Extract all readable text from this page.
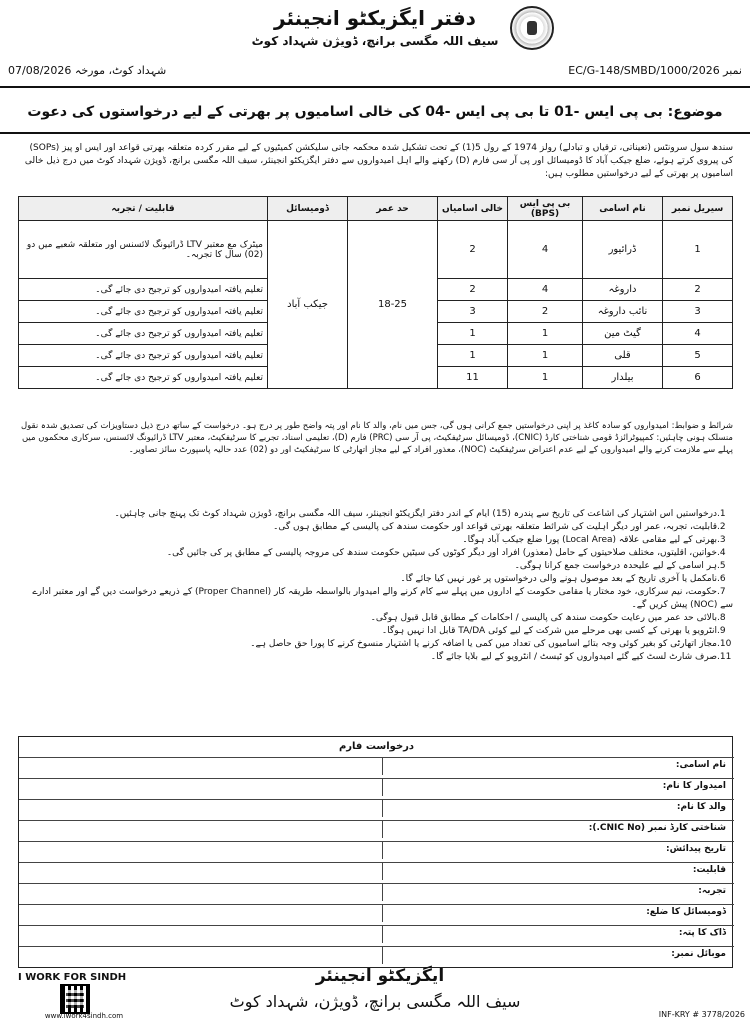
دفتر ایگزیکٹو انجینئر
سیف اللہ مگسی برانچ، ڈویژن شہداد کوٹ
نمبر EC/G-148/SMBD/1000/2026
شہداد کوٹ، مورخہ 07/08/2026
موضوع: بی پی ایس -01 تا بی پی ایس -04 کی خالی اسامیوں پر بھرتی کے لیے درخواستوں کی دعوت
سندھ سول سرونٹس (تعیناتی، ترقیاں و تبادلے) رولز 1974 کے رول 5(1) کے تحت تشکیل شدہ محکمہ جاتی سلیکشن کمیٹیوں کے لیے مقرر کردہ متعلقہ بھرتی قواعد اور ایس او پیز (SOPs) کی پیروی کرتے ہوئے، ضلع جیکب آباد کا ڈومیسائل اور پی آر سی فارم (D) رکھنے والے اہل امیدواروں سے دفتر ایگزیکٹو انجینئر، سیف اللہ مگسی برانچ، ڈویژن شہداد کوٹ میں درج ذیل خالی اسامیوں پر بھرتی کے لیے درخواستیں مطلوب ہیں:
سیریل نمبر	نام اسامی	بی پی ایس (BPS)	خالی اسامیاں	حد عمر	ڈومیسائل	قابلیت / تجربہ
1	ڈرائیور	4	2	18-25	جیکب آباد	میٹرک مع معتبر LTV ڈرائیونگ لائسنس اور متعلقہ شعبے میں دو (02) سال کا تجربہ۔
2	داروغہ	4	2			تعلیم یافتہ امیدواروں کو ترجیح دی جائے گی۔
3	نائب داروغہ	2	3			تعلیم یافتہ امیدواروں کو ترجیح دی جائے گی۔
4	گیٹ مین	1	1			تعلیم یافتہ امیدواروں کو ترجیح دی جائے گی۔
5	قلی	1	1			تعلیم یافتہ امیدواروں کو ترجیح دی جائے گی۔
6	بیلدار	1	11			تعلیم یافتہ امیدواروں کو ترجیح دی جائے گی۔
شرائط و ضوابط: امیدواروں کو سادہ کاغذ پر اپنی درخواستیں جمع کرانی ہوں گی، جس میں نام، والد کا نام اور پتہ واضح طور پر درج ہو۔ درخواست کے ساتھ درج ذیل دستاویزات کی تصدیق شدہ نقول منسلک ہونی چاہئیں: کمپیوٹرائزڈ قومی شناختی کارڈ (CNIC)، ڈومیسائل سرٹیفکیٹ، پی آر سی (PRC) فارم (D)، تعلیمی اسناد، تجربے کا سرٹیفکیٹ، معتبر LTV ڈرائیونگ لائسنس، سرکاری محکموں میں پہلے سے ملازمت کرنے والے امیدواروں کے لیے عدم اعتراض سرٹیفکیٹ (NOC)، معذور افراد کے لیے مجاز اتھارٹی کا سرٹیفکیٹ اور دو (02) عدد حالیہ پاسپورٹ سائز تصاویر۔
1.درخواستیں اس اشتہار کی اشاعت کی تاریخ سے پندرہ (15) ایام کے اندر دفتر ایگزیکٹو انجینئر، سیف اللہ مگسی برانچ، ڈویژن شہداد کوٹ تک پہنچ جانی چاہئیں۔
2.قابلیت، تجربہ، عمر اور دیگر اہلیت کی شرائط متعلقہ بھرتی قواعد اور حکومت سندھ کی پالیسی کے مطابق ہوں گی۔
3.بھرتی کے لیے مقامی علاقہ (Local Area) پورا ضلع جیکب آباد ہوگا۔
4.خواتین، اقلیتوں، مختلف صلاحیتوں کے حامل (معذور) افراد اور دیگر کوٹوں کی سیٹیں حکومت سندھ کی مروجہ پالیسی کے مطابق پر کی جائیں گی۔
5.ہر اسامی کے لیے علیحدہ درخواست جمع کرانا ہوگی۔
6.نامکمل یا آخری تاریخ کے بعد موصول ہونے والی درخواستوں پر غور نہیں کیا جائے گا۔
7.حکومت، نیم سرکاری، خود مختار یا مقامی حکومت کے اداروں میں پہلے سے کام کرنے والے امیدوار بالواسطہ طریقہ کار (Proper Channel) کے ذریعے درخواست دیں گے اور معتبر ادارے سے (NOC) پیش کریں گے۔
8.بالائی حد عمر میں رعایت حکومت سندھ کی پالیسی / احکامات کے مطابق قابل قبول ہوگی۔
9.انٹرویو یا بھرتی کے کسی بھی مرحلے میں شرکت کے لیے کوئی TA/DA قابل ادا نہیں ہوگا۔
10.مجاز اتھارٹی کو بغیر کوئی وجہ بتائے اسامیوں کی تعداد میں کمی یا اضافہ کرنے یا اشتہار منسوخ کرنے کا پورا حق حاصل ہے۔
11.صرف شارٹ لسٹ کیے گئے امیدواروں کو ٹیسٹ / انٹرویو کے لیے بلایا جائے گا۔
درخواست فارم
نام اسامی:
امیدوار کا نام:
والد کا نام:
شناختی کارڈ نمبر (CNIC No.):
تاریخ پیدائش:
قابلیت:
تجربہ:
ڈومیسائل کا ضلع:
ڈاک کا پتہ:
موبائل نمبر:
I WORK FOR SINDH
www.iwork4sindh.com
ایگزیکٹو انجینئر
سیف اللہ مگسی برانچ، ڈویژن، شہداد کوٹ
INF-KRY # 3778/2026
